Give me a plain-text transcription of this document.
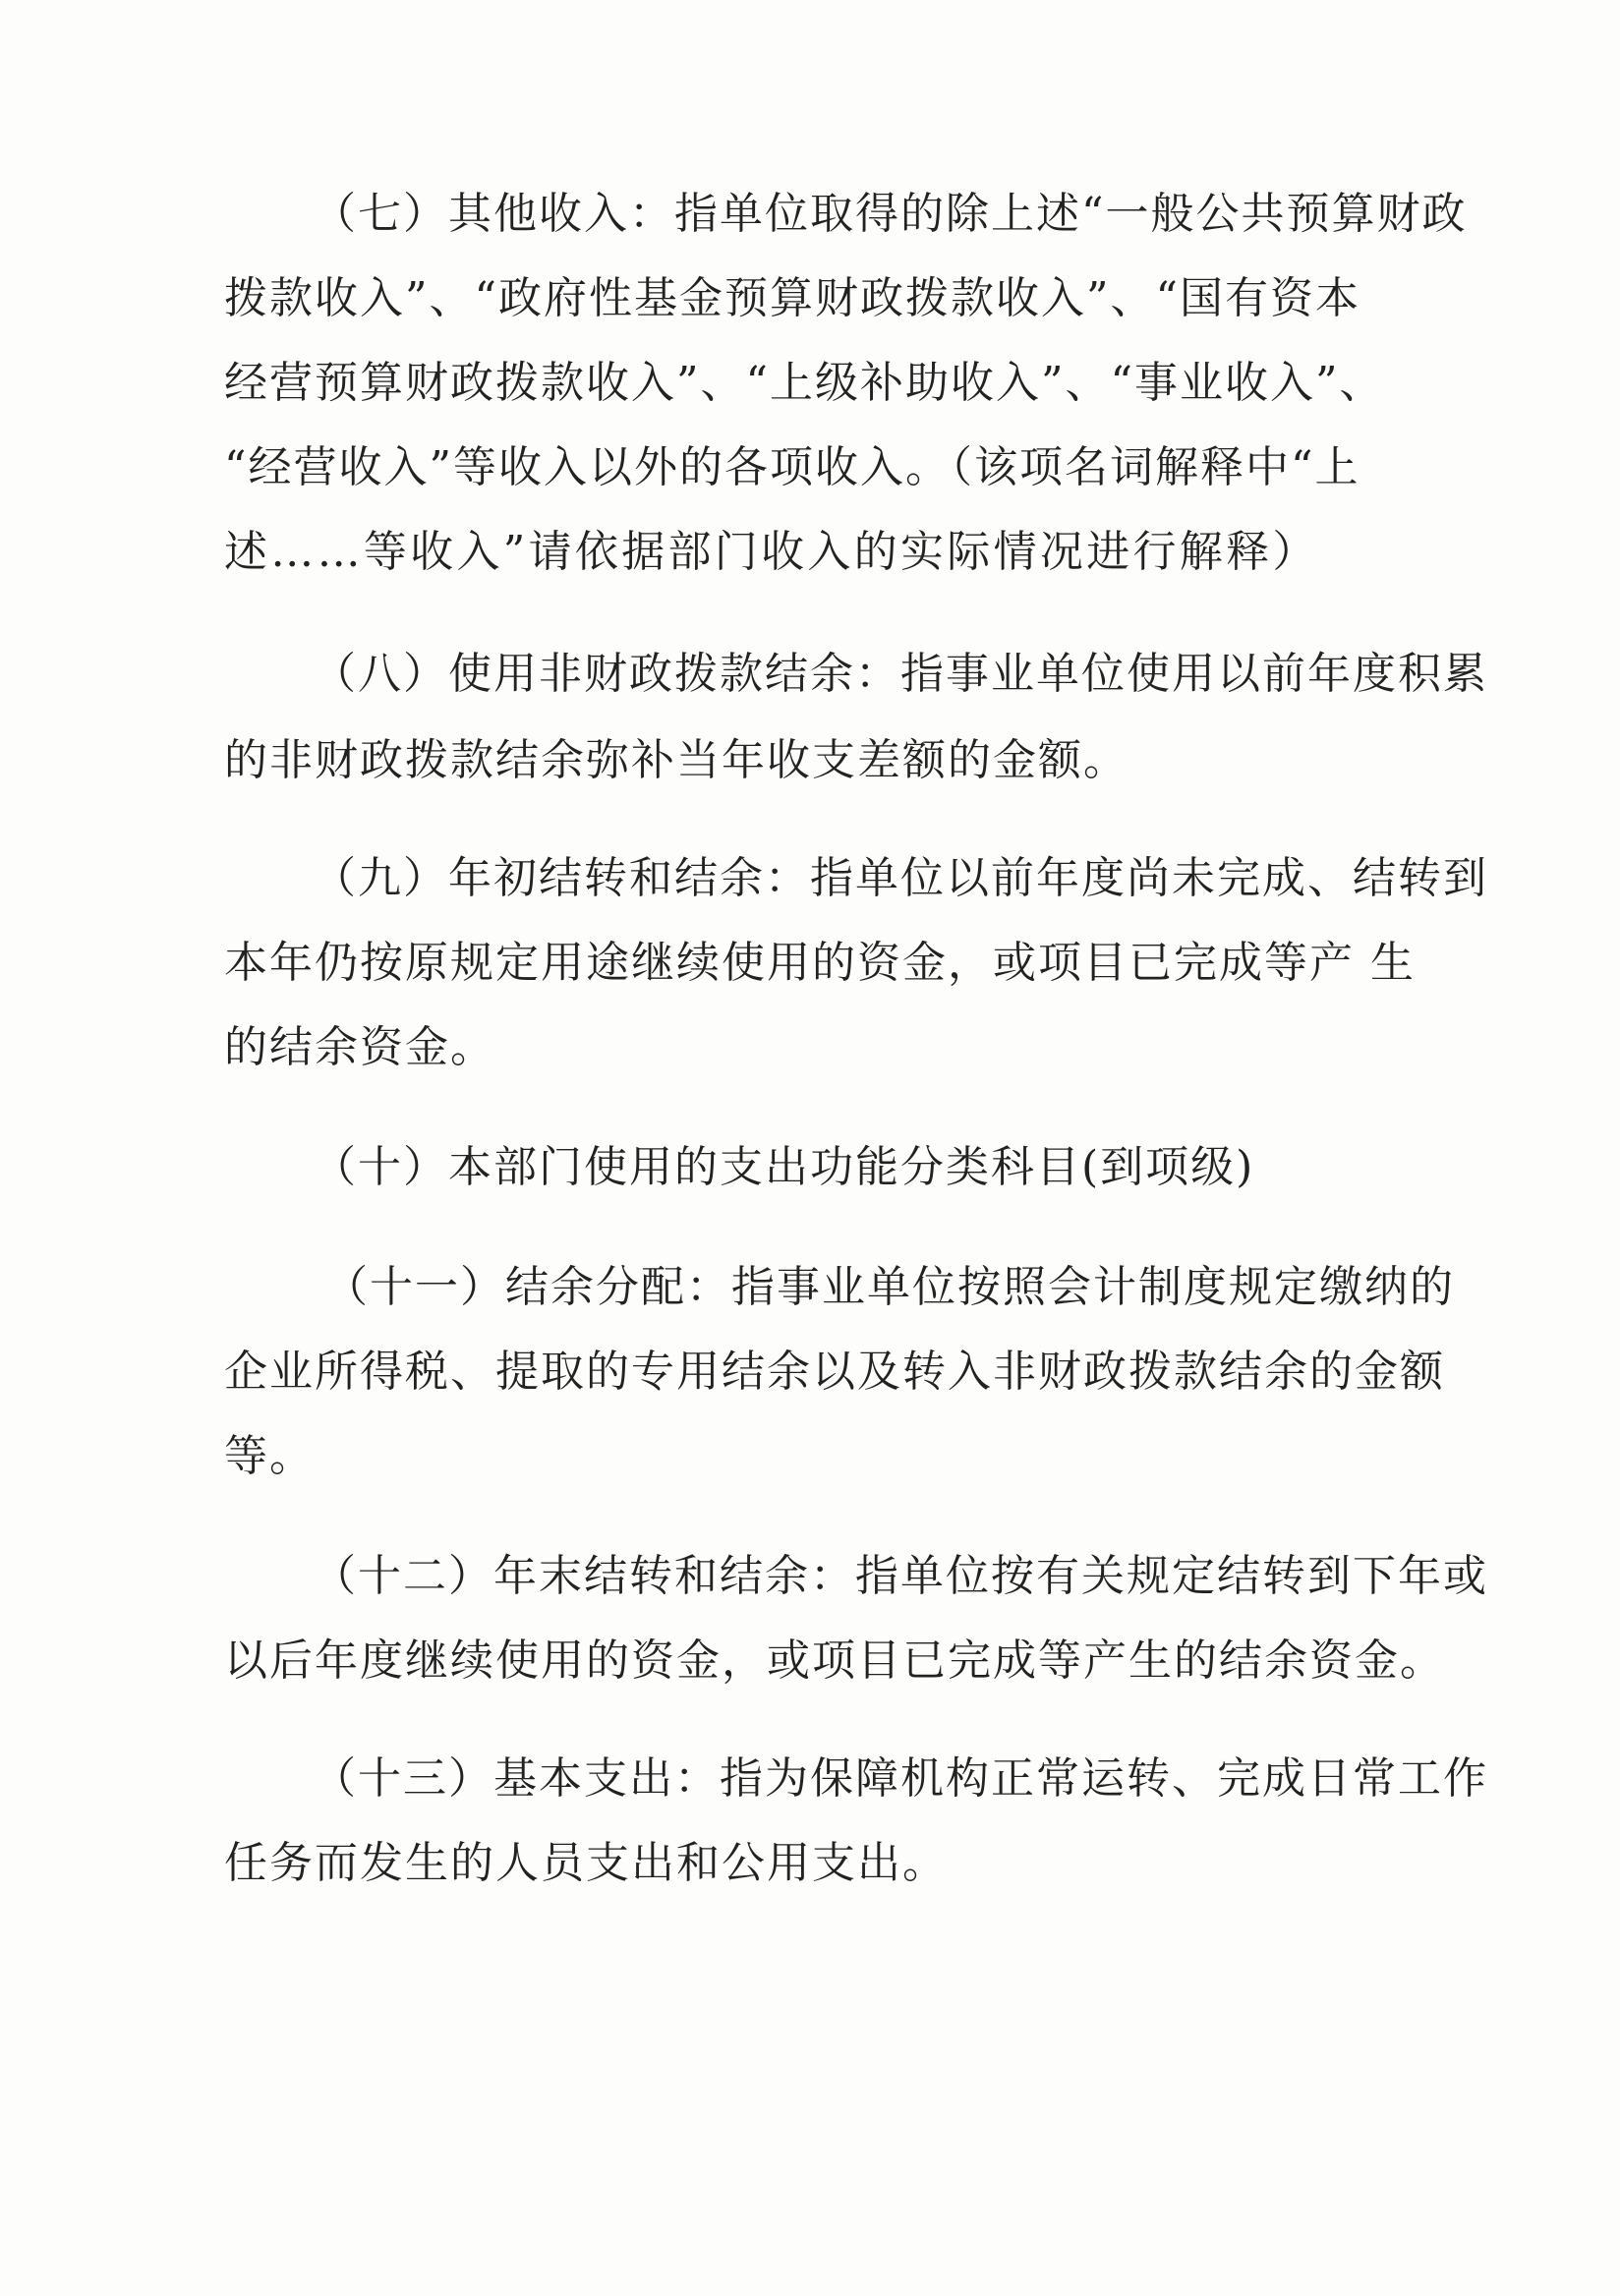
（七）其他收入：指单位取得的除上述“一般公共预算财政
拨款收入”、“政府性基金预算财政拨款收入”、“国有资本
经营预算财政拨款收入”、“上级补助收入”、“事业收入”、
“经营收入”等收入以外的各项收入。（该项名词解释中“上
述……等收入”请依据部门收入的实际情况进行解释）
（八）使用非财政拨款结余：指事业单位使用以前年度积累
的非财政拨款结余弥补当年收支差额的金额。
（九）年初结转和结余：指单位以前年度尚未完成、结转到
本年仍按原规定用途继续使用的资金，或项目已完成等产 生
的结余资金。
（十）本部门使用的支出功能分类科目(到项级)
（十一）结余分配：指事业单位按照会计制度规定缴纳的
企业所得税、提取的专用结余以及转入非财政拨款结余的金额
等。
（十二）年末结转和结余：指单位按有关规定结转到下年或
以后年度继续使用的资金，或项目已完成等产生的结余资金。
（十三）基本支出：指为保障机构正常运转、完成日常工作
任务而发生的人员支出和公用支出。
